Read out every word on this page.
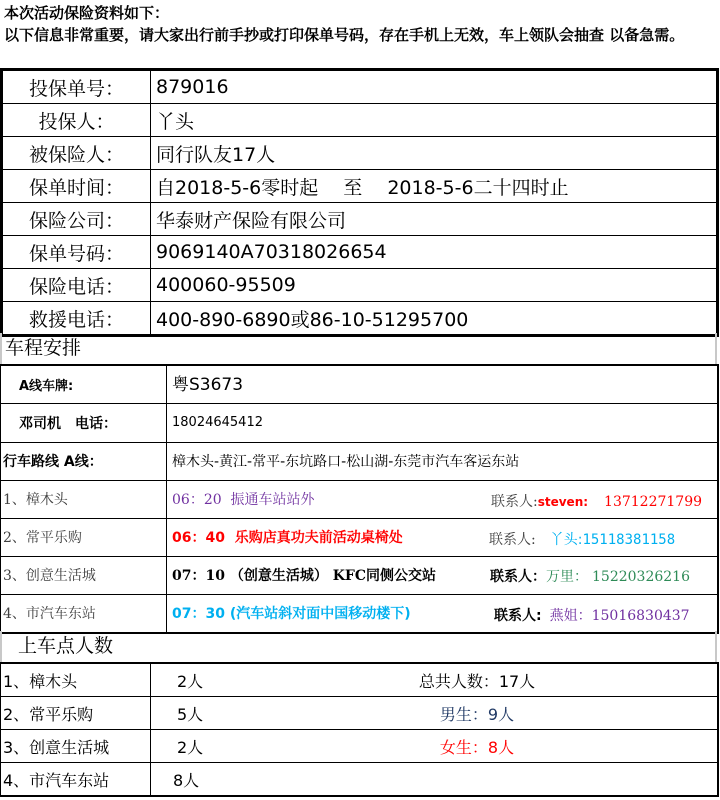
本次活动保险资料如下：
以下信息非常重要，请大家出行前手抄或打印保单号码，存在手机上无效，车上领队会抽查 以备急需。
投保单号：	879016
投保人：	丫头
被保险人：	同行队友17人
保单时间：	自2018-5-6零时起　 至　 2018-5-6二十四时止
保险公司：	华泰财产保险有限公司
保单号码：	9069140A70318026654
保险电话：	400060-95509
救援电话：	400-890-6890或86-10-51295700
车程安排
A线车牌:	粤S3673
邓司机　电话：	18024645412
行车路线 A线：	樟木头-黄江-常平-东坑路口-松山湖-东莞市汽车客运东站
1、樟木头	06：20  振通车站站外 联系人:steven: 13712271799

2、常平乐购	06：40  乐购店真功夫前活动桌椅处 联系人: 丫头:15118381158

3、创意生活城	07：10 （创意生活城） KFC同侧公交站 联系人：万里： 15220326216

4、市汽车东站	07：30 (汽车站斜对面中国移动楼下) 联系人: 燕姐：15016830437
上车点人数
1、樟木头	2人	总共人数：17人
2、常平乐购	5人	男生：9人
3、创意生活城	2人	女生：8人
4、市汽车东站	8人	
